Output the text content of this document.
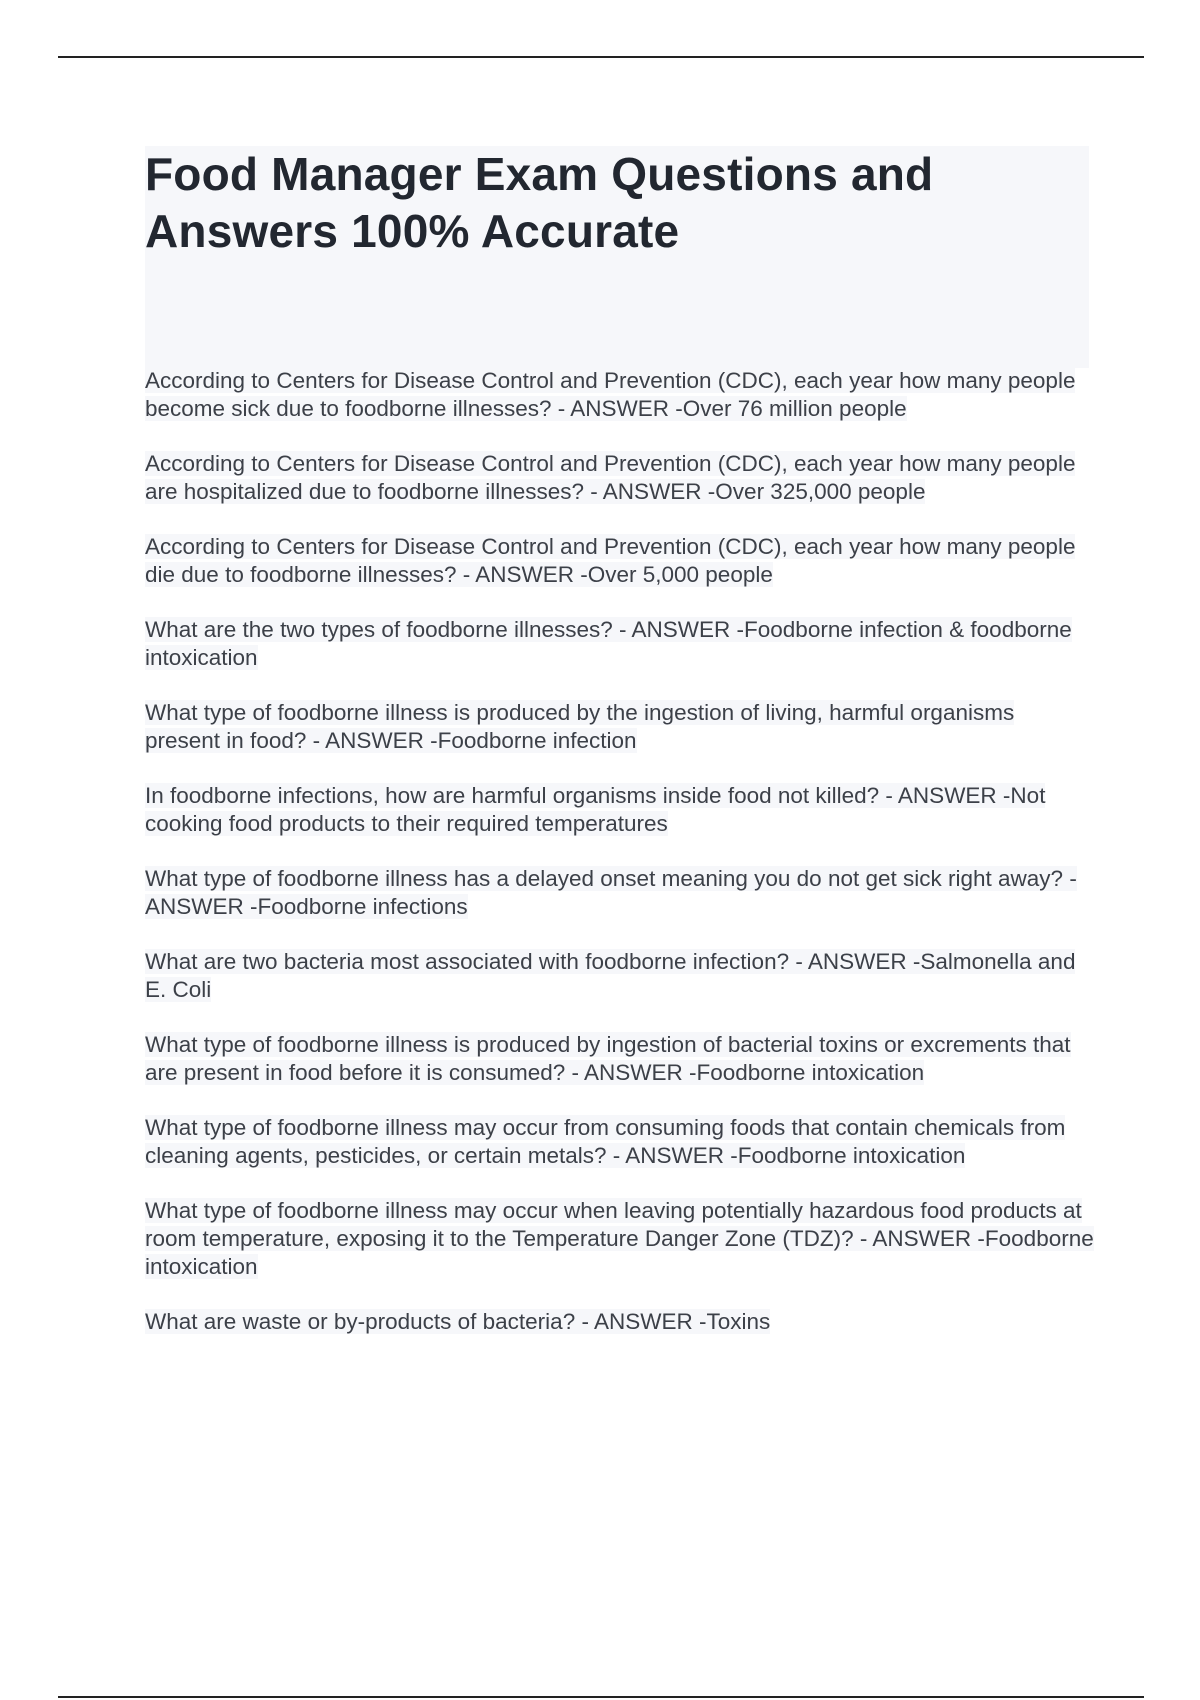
Food Manager Exam Questions and Answers 100% Accurate

According to Centers for Disease Control and Prevention (CDC), each year how many people become sick due to foodborne illnesses? - ANSWER -Over 76 million people

According to Centers for Disease Control and Prevention (CDC), each year how many people are hospitalized due to foodborne illnesses? - ANSWER -Over 325,000 people

According to Centers for Disease Control and Prevention (CDC), each year how many people die due to foodborne illnesses? - ANSWER -Over 5,000 people

What are the two types of foodborne illnesses? - ANSWER -Foodborne infection & foodborne intoxication

What type of foodborne illness is produced by the ingestion of living, harmful organisms present in food? - ANSWER -Foodborne infection

In foodborne infections, how are harmful organisms inside food not killed? - ANSWER -Not cooking food products to their required temperatures

What type of foodborne illness has a delayed onset meaning you do not get sick right away? - ANSWER -Foodborne infections

What are two bacteria most associated with foodborne infection? - ANSWER -Salmonella and E. Coli

What type of foodborne illness is produced by ingestion of bacterial toxins or excrements that are present in food before it is consumed? - ANSWER -Foodborne intoxication

What type of foodborne illness may occur from consuming foods that contain chemicals from cleaning agents, pesticides, or certain metals? - ANSWER -Foodborne intoxication

What type of foodborne illness may occur when leaving potentially hazardous food products at room temperature, exposing it to the Temperature Danger Zone (TDZ)? - ANSWER -Foodborne intoxication

What are waste or by-products of bacteria? - ANSWER -Toxins
